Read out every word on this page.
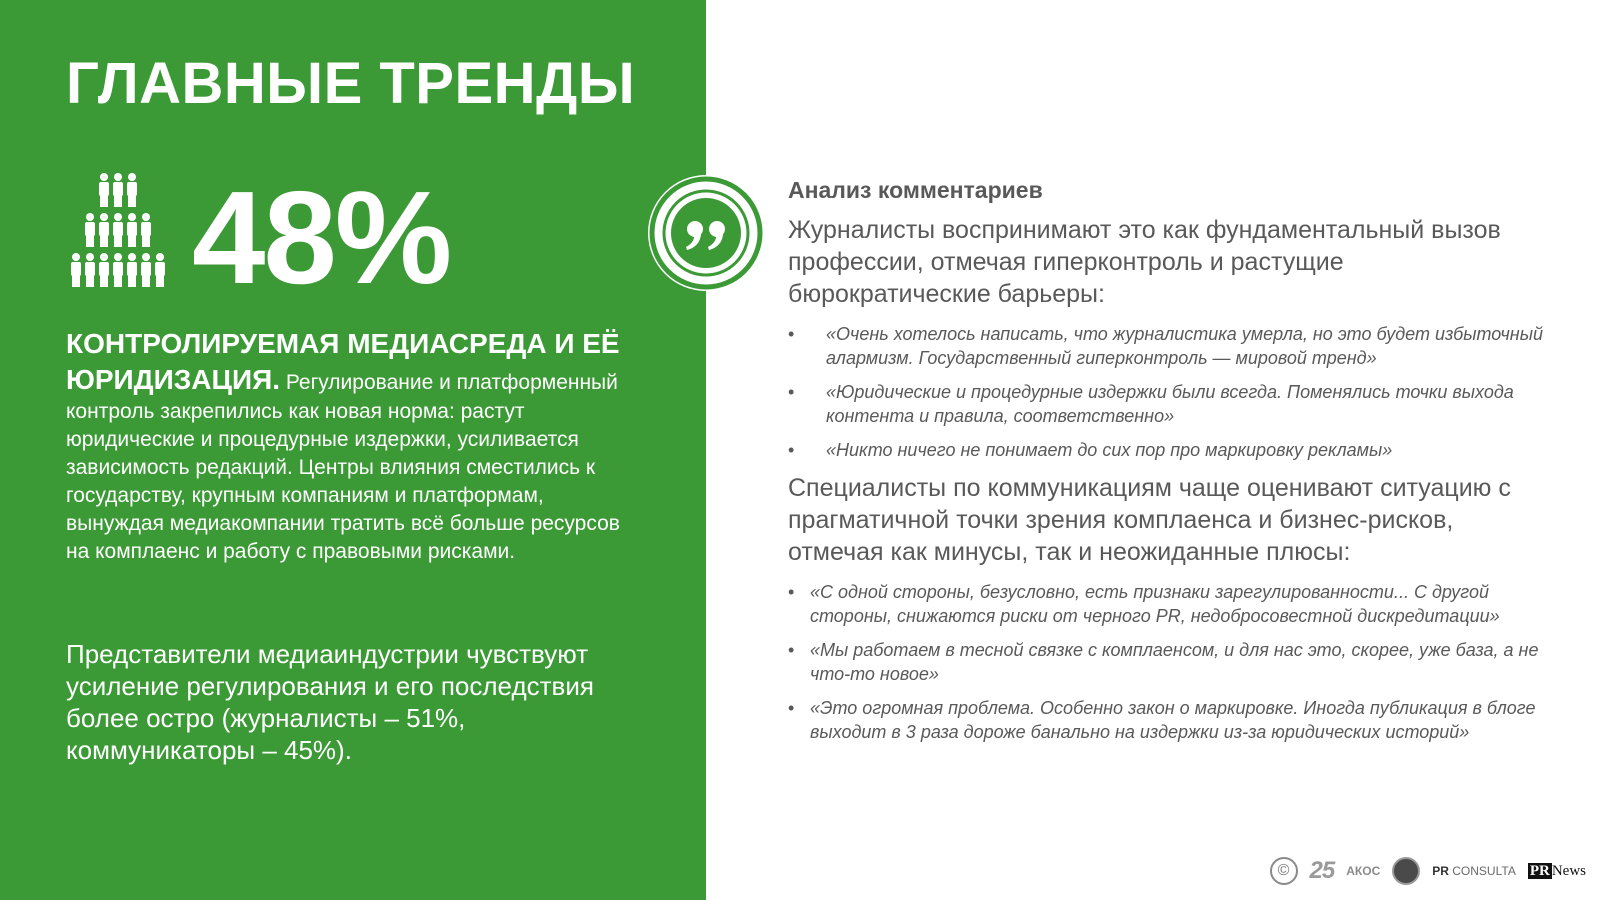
ГЛАВНЫЕ ТРЕНДЫ
48%
КОНТРОЛИРУЕМАЯ МЕДИАСРЕДА И ЕЁ ЮРИДИЗАЦИЯ. Регулирование и платформенный контроль закрепились как новая норма: растут юридические и процедурные издержки, усиливается зависимость редакций. Центры влияния сместились к государству, крупным компаниям и платформам, вынуждая медиакомпании тратить всё больше ресурсов на комплаенс и работу с правовыми рисками.
Представители медиаиндустрии чувствуют усиление регулирования и его последствия более остро (журналисты – 51%, коммуникаторы – 45%).
Анализ комментариев
Журналисты воспринимают это как фундаментальный вызов профессии, отмечая гиперконтроль и растущие бюрократические барьеры:
• «Очень хотелось написать, что журналистика умерла, но это будет избыточный алармизм. Государственный гиперконтроль — мировой тренд»
• «Юридические и процедурные издержки были всегда. Поменялись точки выхода контента и правила, соответственно»
• «Никто ничего не понимает до сих пор про маркировку рекламы»
Специалисты по коммуникациям чаще оценивают ситуацию с прагматичной точки зрения комплаенса и бизнес-рисков, отмечая как минусы, так и неожиданные плюсы:
• «С одной стороны, безусловно, есть признаки зарегулированности... С другой стороны, снижаются риски от черного PR, недобросовестной дискредитации»
• «Мы работаем в тесной связке с комплаенсом, и для нас это, скорее, уже база, а не что-то новое»
• «Это огромная проблема. Особенно закон о маркировке. Иногда публикация в блоге выходит в 3 раза дороже банально на издержки из-за юридических историй»
© 25 АКОС	PR CONSULTA PR News
